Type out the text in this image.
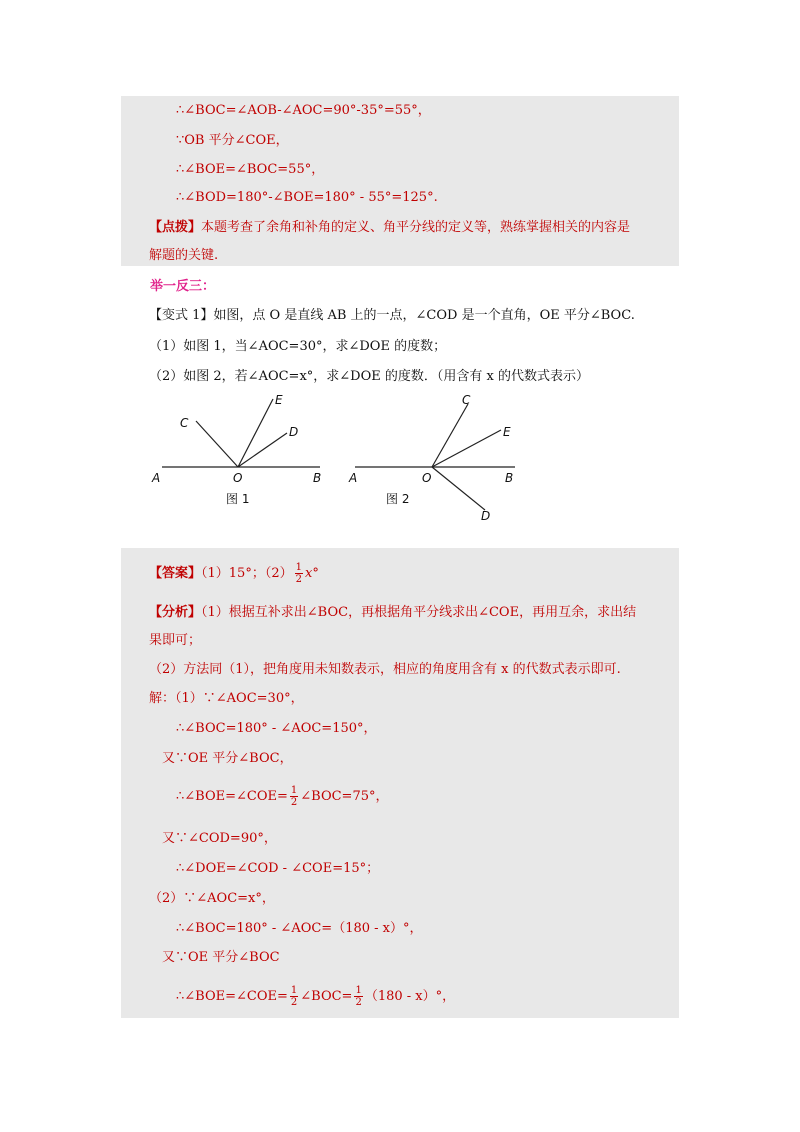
∴∠BOC=∠AOB-∠AOC=90°-35°=55°，
∵OB 平分∠COE，
∴∠BOE=∠BOC=55°，
∴∠BOD=180°-∠BOE=180° - 55°=125°.
【点拨】本题考查了余角和补角的定义、角平分线的定义等，熟练掌握相关的内容是
解题的关键.
举一反三：
【变式 1】如图，点 O 是直线 AB 上的一点，∠COD 是一个直角，OE 平分∠BOC.
（1）如图 1，当∠AOC=30°，求∠DOE 的度数；
（2）如图 2，若∠AOC=x°，求∠DOE 的度数．（用含有 x 的代数式表示）
C
E
D
A	O	B
图 1
C
E
D
A	O	B
图 2
【答案】（1）15°；$(2) \frac{1}{2} x^\circ$
【分析】（1）根据互补求出∠BOC，再根据角平分线求出∠COE，再用互余，求出结
果即可；
（2）方法同（1），把角度用未知数表示，相应的角度用含有 x 的代数式表示即可.
解：（1）∵∠AOC=30°，
∴∠BOC=180° - ∠AOC=150°，
又∵OE 平分∠BOC，
∴∠BOE=∠COE= $\frac{1}{2}$ ∠BOC=75°，
又∵∠COD=90°，
∴∠DOE=∠COD - ∠COE=15°；
（2）∵∠AOC=x°，
∴∠BOC=180° - ∠AOC=（180 - x）°，
又∵OE 平分∠BOC
∴∠BOE=∠COE= $\frac{1}{2}$ ∠BOC= $\frac{1}{2} (180 - x)^\circ$，
